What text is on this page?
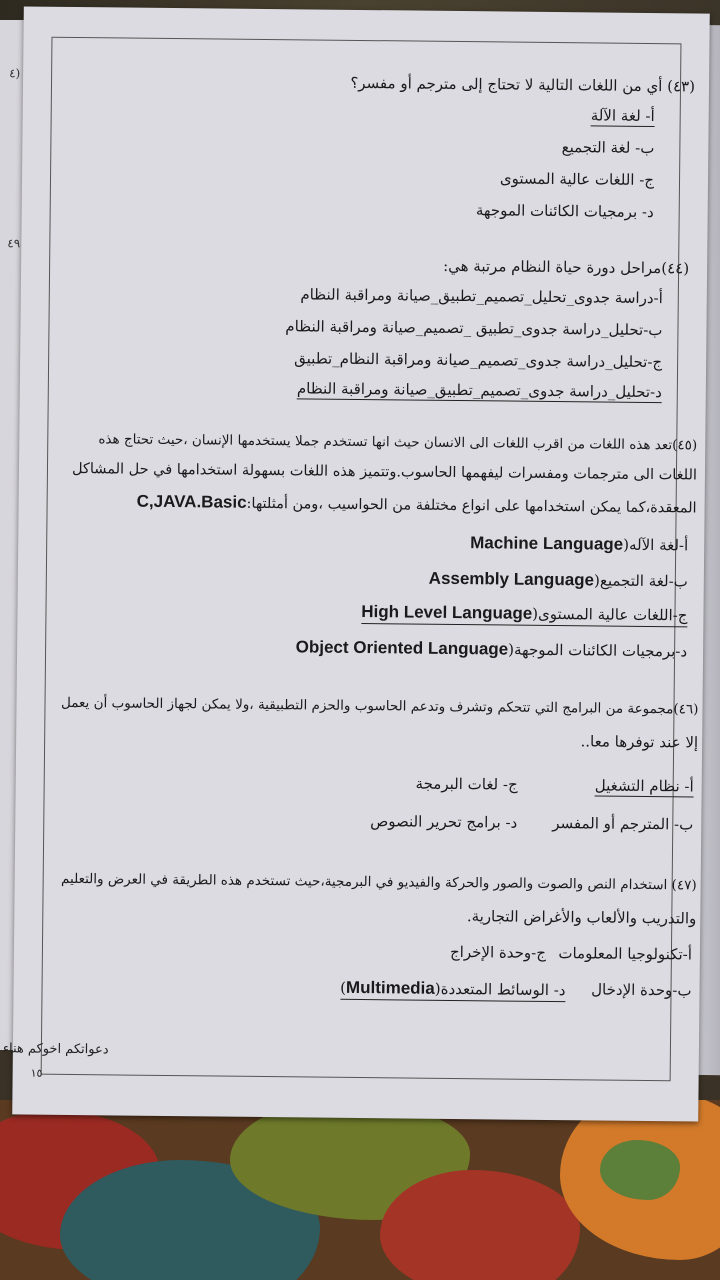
٤)
٤٩
(٤٣) أي من اللغات التالية لا تحتاج إلى مترجم أو مفسر؟
أ- لغة الآلة
ب- لغة التجميع
ج- اللغات عالية المستوى
د- برمجيات الكائنات الموجهة
(٤٤)مراحل دورة حياة النظام مرتبة هي:
أ-دراسة جدوى_تحليل_تصميم_تطبيق_صيانة ومراقبة النظام
ب-تحليل_دراسة جدوى_تطبيق _تصميم_صيانة ومراقبة النظام
ج-تحليل_دراسة جدوى_تصميم_صيانة ومراقبة النظام_تطبيق
د-تحليل_دراسة جدوى_تصميم_تطبيق_صيانة ومراقبة النظام
(٤٥)تعد هذه اللغات من اقرب اللغات الى الانسان حيث انها تستخدم جملا يستخدمها الإنسان ،حيث تحتاج هذه
اللغات الى مترجمات ومفسرات ليفهمها الحاسوب.وتتميز هذه اللغات بسهولة استخدامها في حل المشاكل
المعقدة،كما يمكن استخدامها على انواع مختلفة من الحواسيب ،ومن أمثلتها:C,JAVA.Basic
أ-لغة الآله(Machine Language
ب-لغة التجميع(Assembly Language
ج-اللغات عالية المستوى(High Level Language
د-برمجيات الكائنات الموجهة(Object Oriented Language
(٤٦)مجموعة من البرامج التي تتحكم وتشرف وتدعم الحاسوب والحزم التطبيقية ،ولا يمكن لجهاز الحاسوب أن يعمل
إلا عند توفرها معا..
أ- نظام التشغيل
ج- لغات البرمجة
ب- المترجم أو المفسر
د- برامج تحرير النصوص
(٤٧) استخدام النص والصوت والصور والحركة والفيديو في البرمجية،حيث تستخدم هذه الطريقة في العرض والتعليم
والتدريب والألعاب والأغراض التجارية.
أ-تكنولوجيا المعلومات
ج-وحدة الإخراج
ب-وحدة الإدخال
د- الوسائط المتعددة(Multimedia)
دعواتكم اخوكم هناء
١٥
